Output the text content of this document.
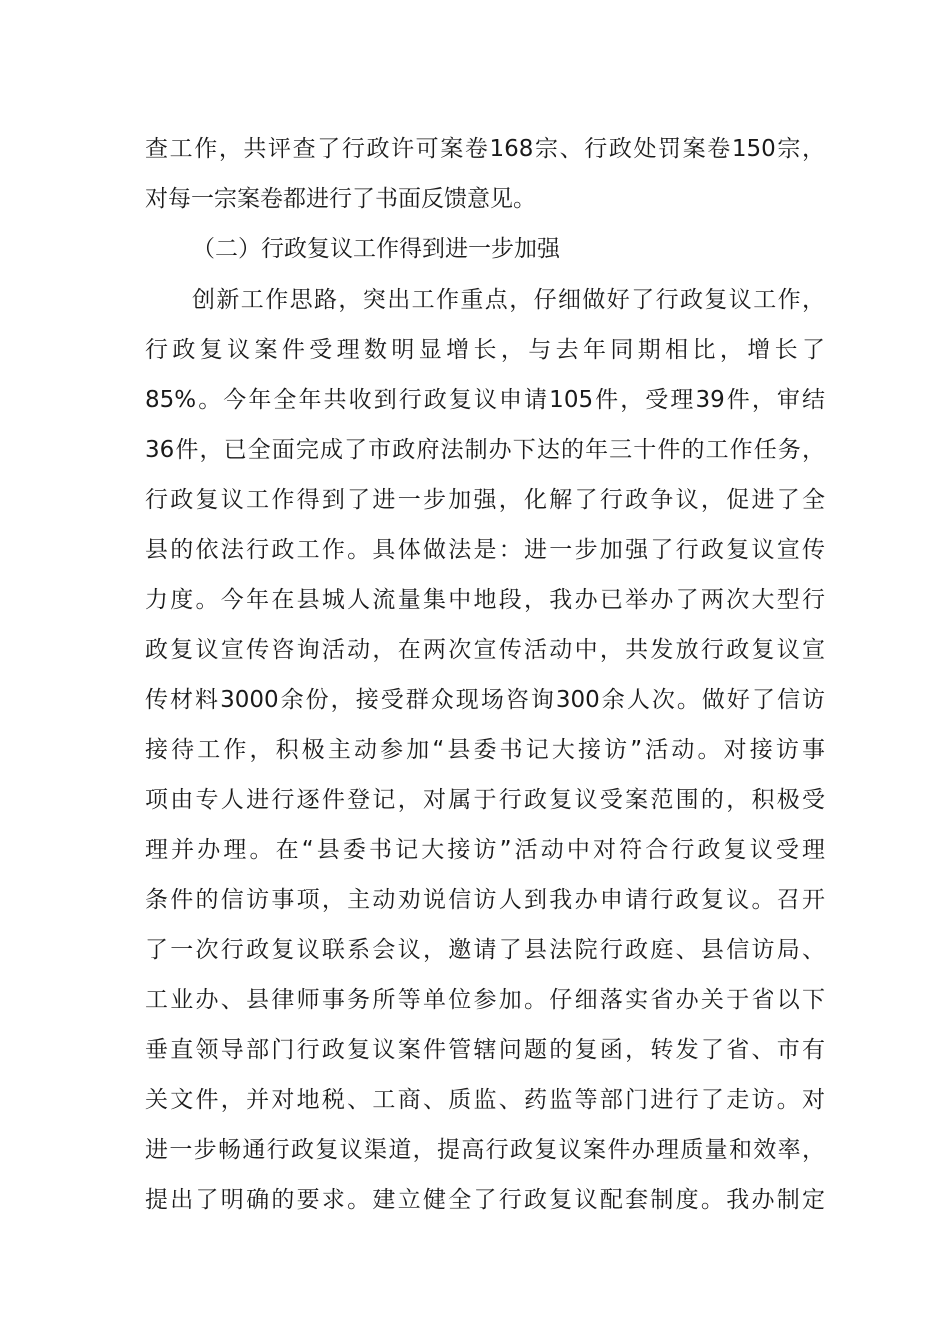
查工作，共评查了行政许可案卷168宗、行政处罚案卷150宗，
对每一宗案卷都进行了书面反馈意见。
（二）行政复议工作得到进一步加强
创新工作思路，突出工作重点，仔细做好了行政复议工作，
行政复议案件受理数明显增长，与去年同期相比，增长了
85%。今年全年共收到行政复议申请105件，受理39件，审结
36件，已全面完成了市政府法制办下达的年三十件的工作任务，
行政复议工作得到了进一步加强，化解了行政争议，促进了全
县的依法行政工作。具体做法是：进一步加强了行政复议宣传
力度。今年在县城人流量集中地段，我办已举办了两次大型行
政复议宣传咨询活动，在两次宣传活动中，共发放行政复议宣
传材料3000余份，接受群众现场咨询300余人次。做好了信访
接待工作，积极主动参加“县委书记大接访”活动。对接访事
项由专人进行逐件登记，对属于行政复议受案范围的，积极受
理并办理。在“县委书记大接访”活动中对符合行政复议受理
条件的信访事项，主动劝说信访人到我办申请行政复议。召开
了一次行政复议联系会议，邀请了县法院行政庭、县信访局、
工业办、县律师事务所等单位参加。仔细落实省办关于省以下
垂直领导部门行政复议案件管辖问题的复函，转发了省、市有
关文件，并对地税、工商、质监、药监等部门进行了走访。对
进一步畅通行政复议渠道，提高行政复议案件办理质量和效率，
提出了明确的要求。建立健全了行政复议配套制度。我办制定
